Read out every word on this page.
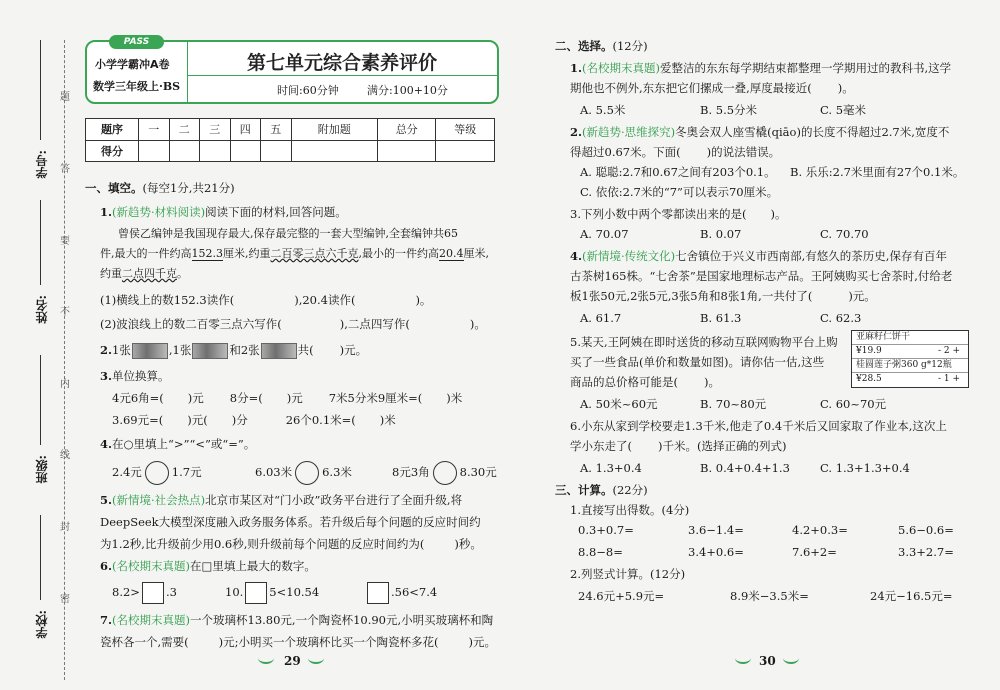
学号:
姓名:
班级:
学校:
题
答
要
不
内
线
封
密
PASS
小学学霸冲A卷
数学三年级上·BS
第七单元综合素养评价
时间:60分钟	满分:100+10分
题序	一	二	三	四	五	附加题	总分	等级
得分								
一、填空。(每空1分,共21分)
1.(新趋势·材料阅读)阅读下面的材料,回答问题。
曾侯乙编钟是我国现存最大,保存最完整的一套大型编钟,全套编钟共65
件,最大的一件约高152.3厘米,约重二百零三点六千克,最小的一件约高20.4厘米,
约重二点四千克。
(1)横线上的数152.3读作(	),20.4读作(	)。
(2)波浪线上的数二百零三点六写作(	),二点四写作(	)。
2.1张	,1张	和2张	共( )元。
3.单位换算。
4元6角=( )元 8分=( )元 7米5分米9厘米=( )米
3.69元=( )元( )分	26个0.1米=( )米
4.在○里填上“>”“<”或“=”。
2.4元	1.7元	6.03米	6.3米	8元3角	8.30元
5.(新情境·社会热点)北京市某区对“门小政”政务平台进行了全面升级,将
DeepSeek大模型深度融入政务服务体系。若升级后每个问题的反应时间约
为1.2秒,比升级前少用0.6秒,则升级前每个问题的反应时间约为(	)秒。
6.(名校期末真题)在□里填上最大的数字。
8.2> .3	10. 5<10.54	.56<7.4
7.(名校期末真题)一个玻璃杯13.80元,一个陶瓷杯10.90元,小明买玻璃杯和陶
瓷杯各一个,需要(	)元;小明买一个玻璃杯比买一个陶瓷杯多花(	)元。
29
二、选择。(12分)
1.(名校期末真题)爱整洁的东东每学期结束都整理一学期用过的教科书,这学
期他也不例外,东东把它们摞成一叠,厚度最接近( )。
A. 5.5米	B. 5.5分米	C. 5毫米
2.(新趋势·思维探究)冬奥会双人座雪橇(qiāo)的长度不得超过2.7米,宽度不
得超过0.67米。下面( )的说法错误。
A. 聪聪:2.7和0.67之间有203个0.1。 B. 乐乐:2.7米里面有27个0.1米。
C. 依依:2.7米的“7”可以表示70厘米。
3.下列小数中两个零都读出来的是( )。
A. 70.07	B. 0.07	C. 70.70
4.(新情境·传统文化)七舍镇位于兴义市西南部,有悠久的茶历史,保存有百年
古茶树165株。“七舍茶”是国家地理标志产品。王阿姨购买七舍茶时,付给老
板1张50元,2张5元,3张5角和8张1角,一共付了(	)元。
A. 61.7	B. 61.3	C. 62.3
5.某天,王阿姨在即时送货的移动互联网购物平台上购
买了一些食品(单价和数量如图)。请你估一估,这些
商品的总价格可能是( )。
亚麻籽仁饼干
¥19.9	- 2 +
桂圆莲子粥360 g*12瓶
¥28.5	- 1 +
A. 50米~60元	B. 70~80元	C. 60~70元
6.小东从家到学校要走1.3千米,他走了0.4千米后又回家取了作业本,这次上
学小东走了( )千米。(选择正确的列式)
A. 1.3+0.4	B. 0.4+0.4+1.3	C. 1.3+1.3+0.4
三、计算。(22分)
1.直接写出得数。(4分)
0.3+0.7=	3.6−1.4=	4.2+0.3=	5.6−0.6=
8.8−8=	3.4+0.6=	7.6+2=	3.3+2.7=
2.列竖式计算。(12分)
24.6元+5.9元=	8.9米−3.5米=	24元−16.5元=
30
